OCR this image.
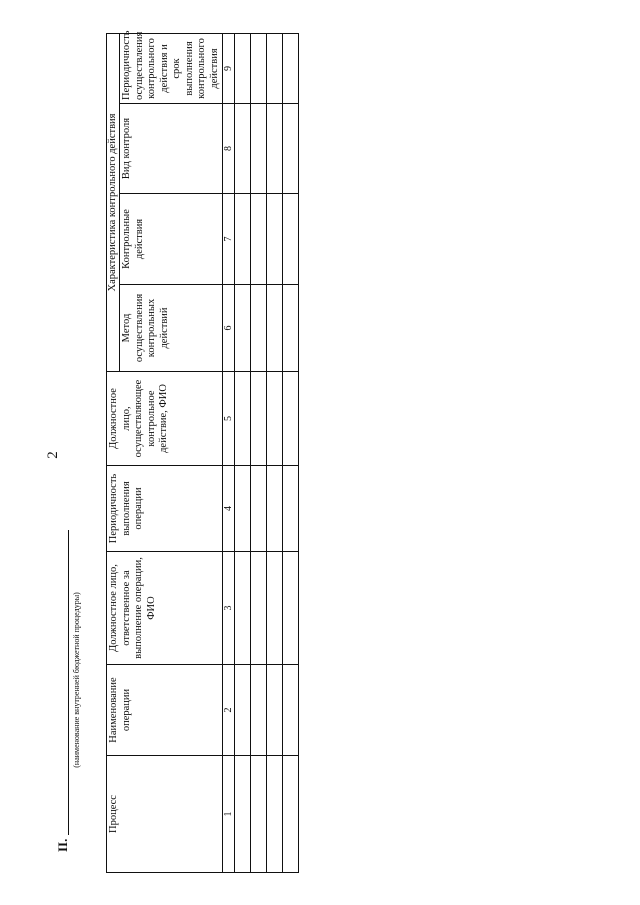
2
II.
(наименование внутренней бюджетной процедуры)
Процесс	Наименование операции	Должностное лицо, ответственное за выполнение операции, ФИО	Периодичность выполнения операции	Должностное лицо, осуществляющее контрольное действие, ФИО	Характеристика контрольного действия			
					Метод осуществления контрольных действий	Контрольные действия	Вид контроля	Периодичность осуществления контрольного действия и срок выполнения контрольного действия
1	2	3	4	5	6	7	8	9
